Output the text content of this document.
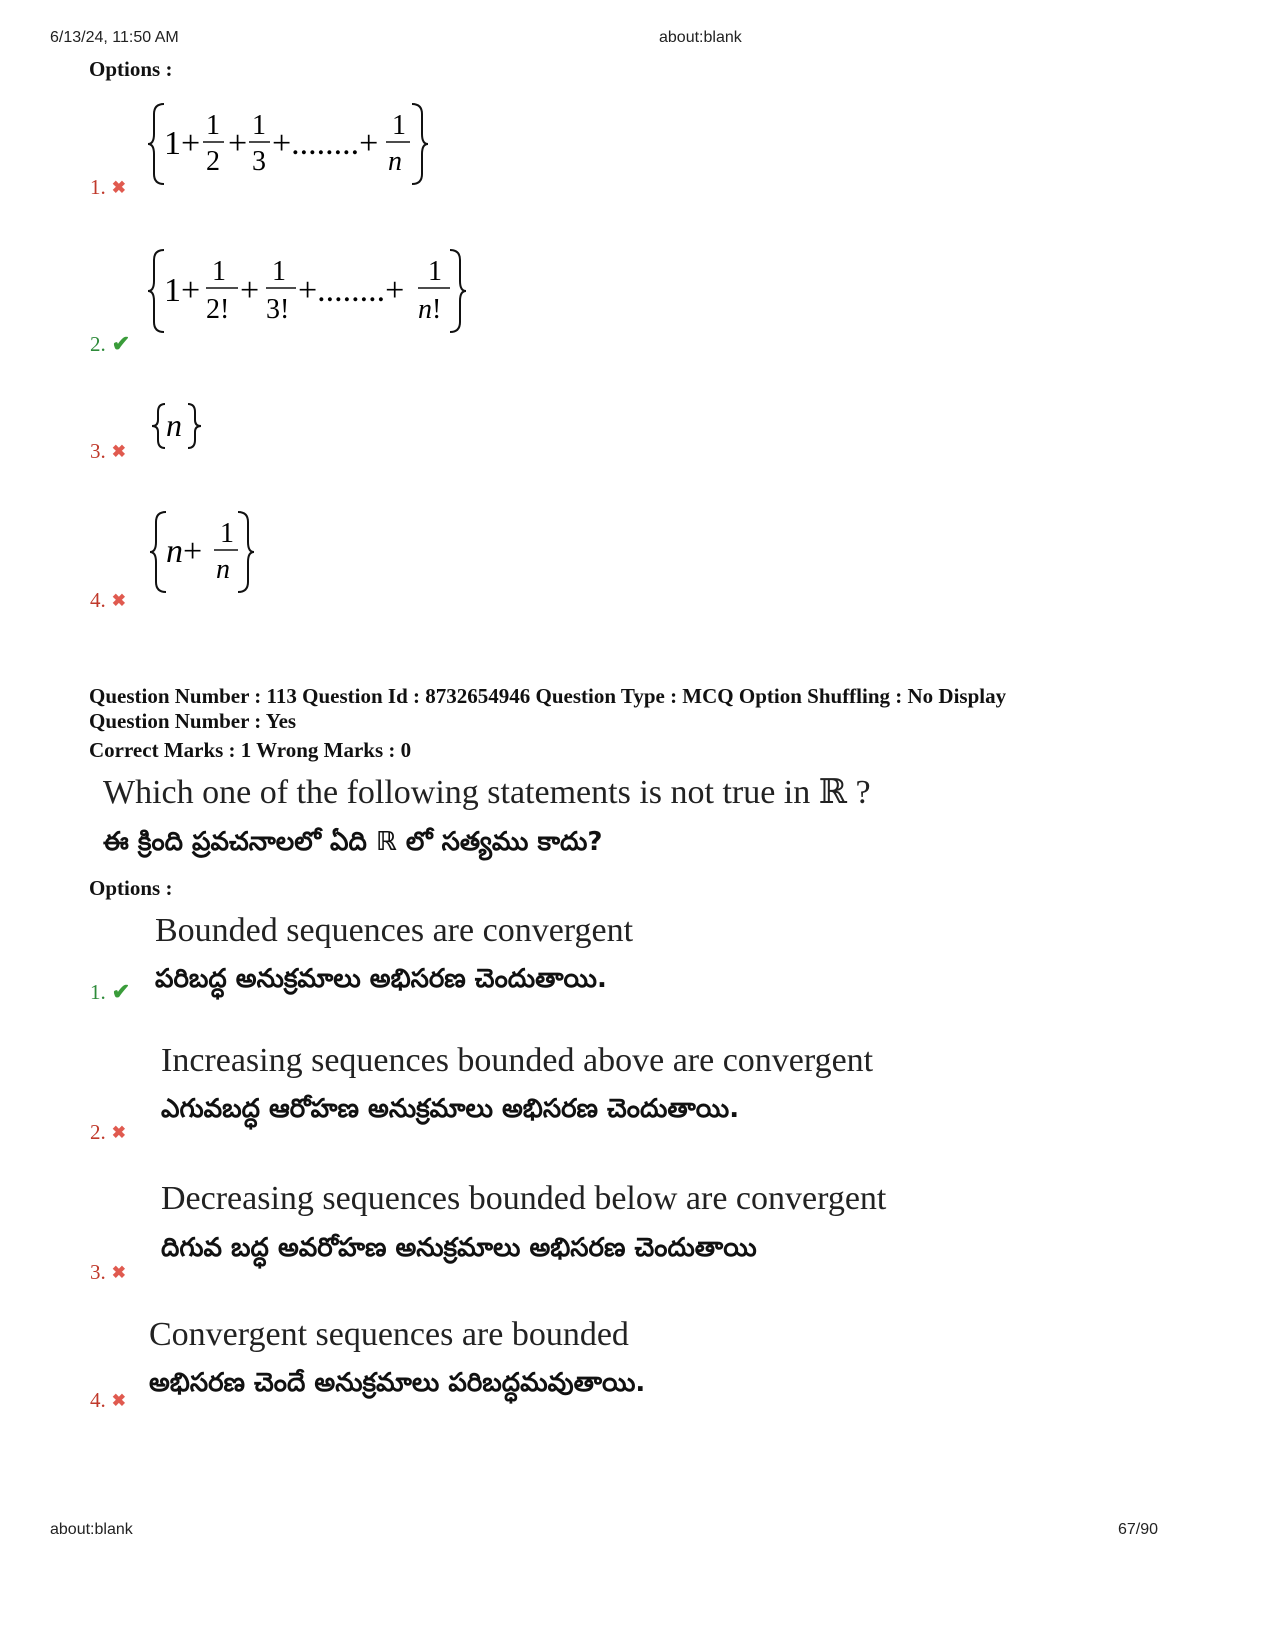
6/13/24, 11:50 AM	about:blank
Options :
1+ 1
2 + 1
3 +........+ 1
n
1. ✖
1+
1
2!
+
1
3!
+........+
1
n!
2. ✔
n
3. ✖
n+ 1
n
4. ✖
Question Number : 113 Question Id : 8732654946 Question Type : MCQ Option Shuffling : No Display
Question Number : Yes
Correct Marks : 1 Wrong Marks : 0
Which one of the following statements is not true in ℝ ?
ఈ క్రింది ప్రవచనాలలో ఏది ℝ లో సత్యము కాదు?
Options :
Bounded sequences are convergent
పరిబద్ధ అనుక్రమాలు అభిసరణ చెందుతాయి.
1. ✔
Increasing sequences bounded above are convergent
ఎగువబద్ధ ఆరోహణ అనుక్రమాలు అభిసరణ చెందుతాయి.
2. ✖
Decreasing sequences bounded below are convergent
దిగువ బద్ధ అవరోహణ అనుక్రమాలు అభిసరణ చెందుతాయి
3. ✖
Convergent sequences are bounded
అభిసరణ చెందే అనుక్రమాలు పరిబద్ధమవుతాయి.
4. ✖
about:blank	67/90
